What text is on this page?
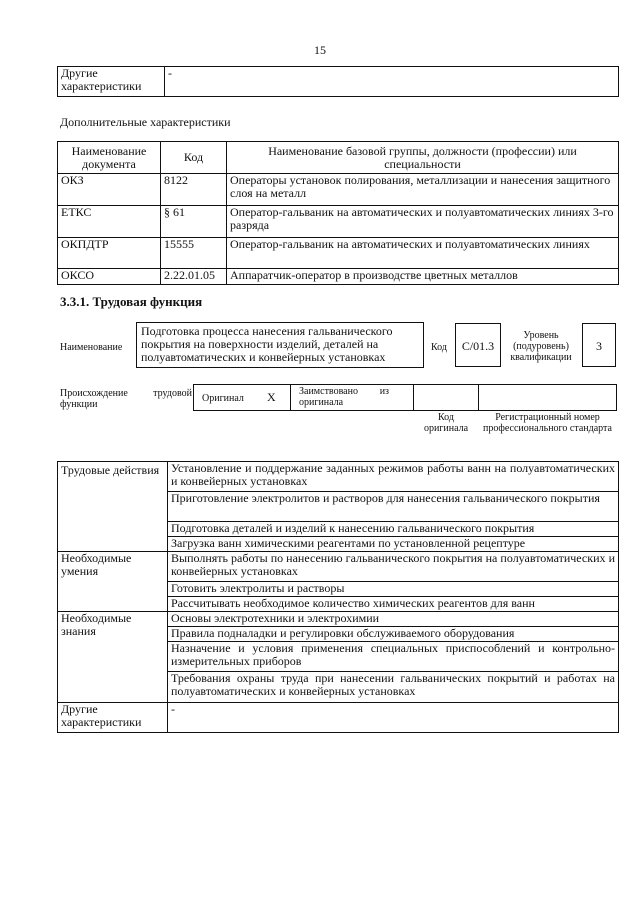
15
Другие характеристики	-
Дополнительные характеристики
Наименование документа	Код	Наименование базовой группы, должности (профессии) или специальности
ОКЗ	8122	Операторы установок полирования, металлизации и нанесения защитного слоя на металл
ЕТКС	§ 61	Оператор-гальваник на автоматических и полуавтоматических линиях 3-го разряда
ОКПДТР	15555	Оператор-гальваник на автоматических и полуавтоматических линиях
ОКСО	2.22.01.05	Аппаратчик-оператор в производстве цветных металлов
3.3.1. Трудовая функция
Наименование
Подготовка процесса нанесения гальванического покрытия на поверхности изделий, деталей на полуавтоматических и конвейерных установках
Код	C/01.3
Уровень (подуровень) квалификации
3
Происхождение трудовой функции
Оригинал X	Заимствовано из оригинала
Код оригинала
Регистрационный номер профессионального стандарта
Трудовые действия	Установление и поддержание заданных режимов работы ванн на полуавтоматических и конвейерных установках
	Приготовление электролитов и растворов для нанесения гальванического покрытия
	Подготовка деталей и изделий к нанесению гальванического покрытия
	Загрузка ванн химическими реагентами по установленной рецептуре
Необходимые умения	Выполнять работы по нанесению гальванического покрытия на полуавтоматических и конвейерных установках
	Готовить электролиты и растворы
	Рассчитывать необходимое количество химических реагентов для ванн
Необходимые знания	Основы электротехники и электрохимии
	Правила подналадки и регулировки обслуживаемого оборудования
	Назначение и условия применения специальных приспособлений и контрольно-измерительных приборов
	Требования охраны труда при нанесении гальванических покрытий и работах на полуавтоматических и конвейерных установках
Другие характеристики	-
